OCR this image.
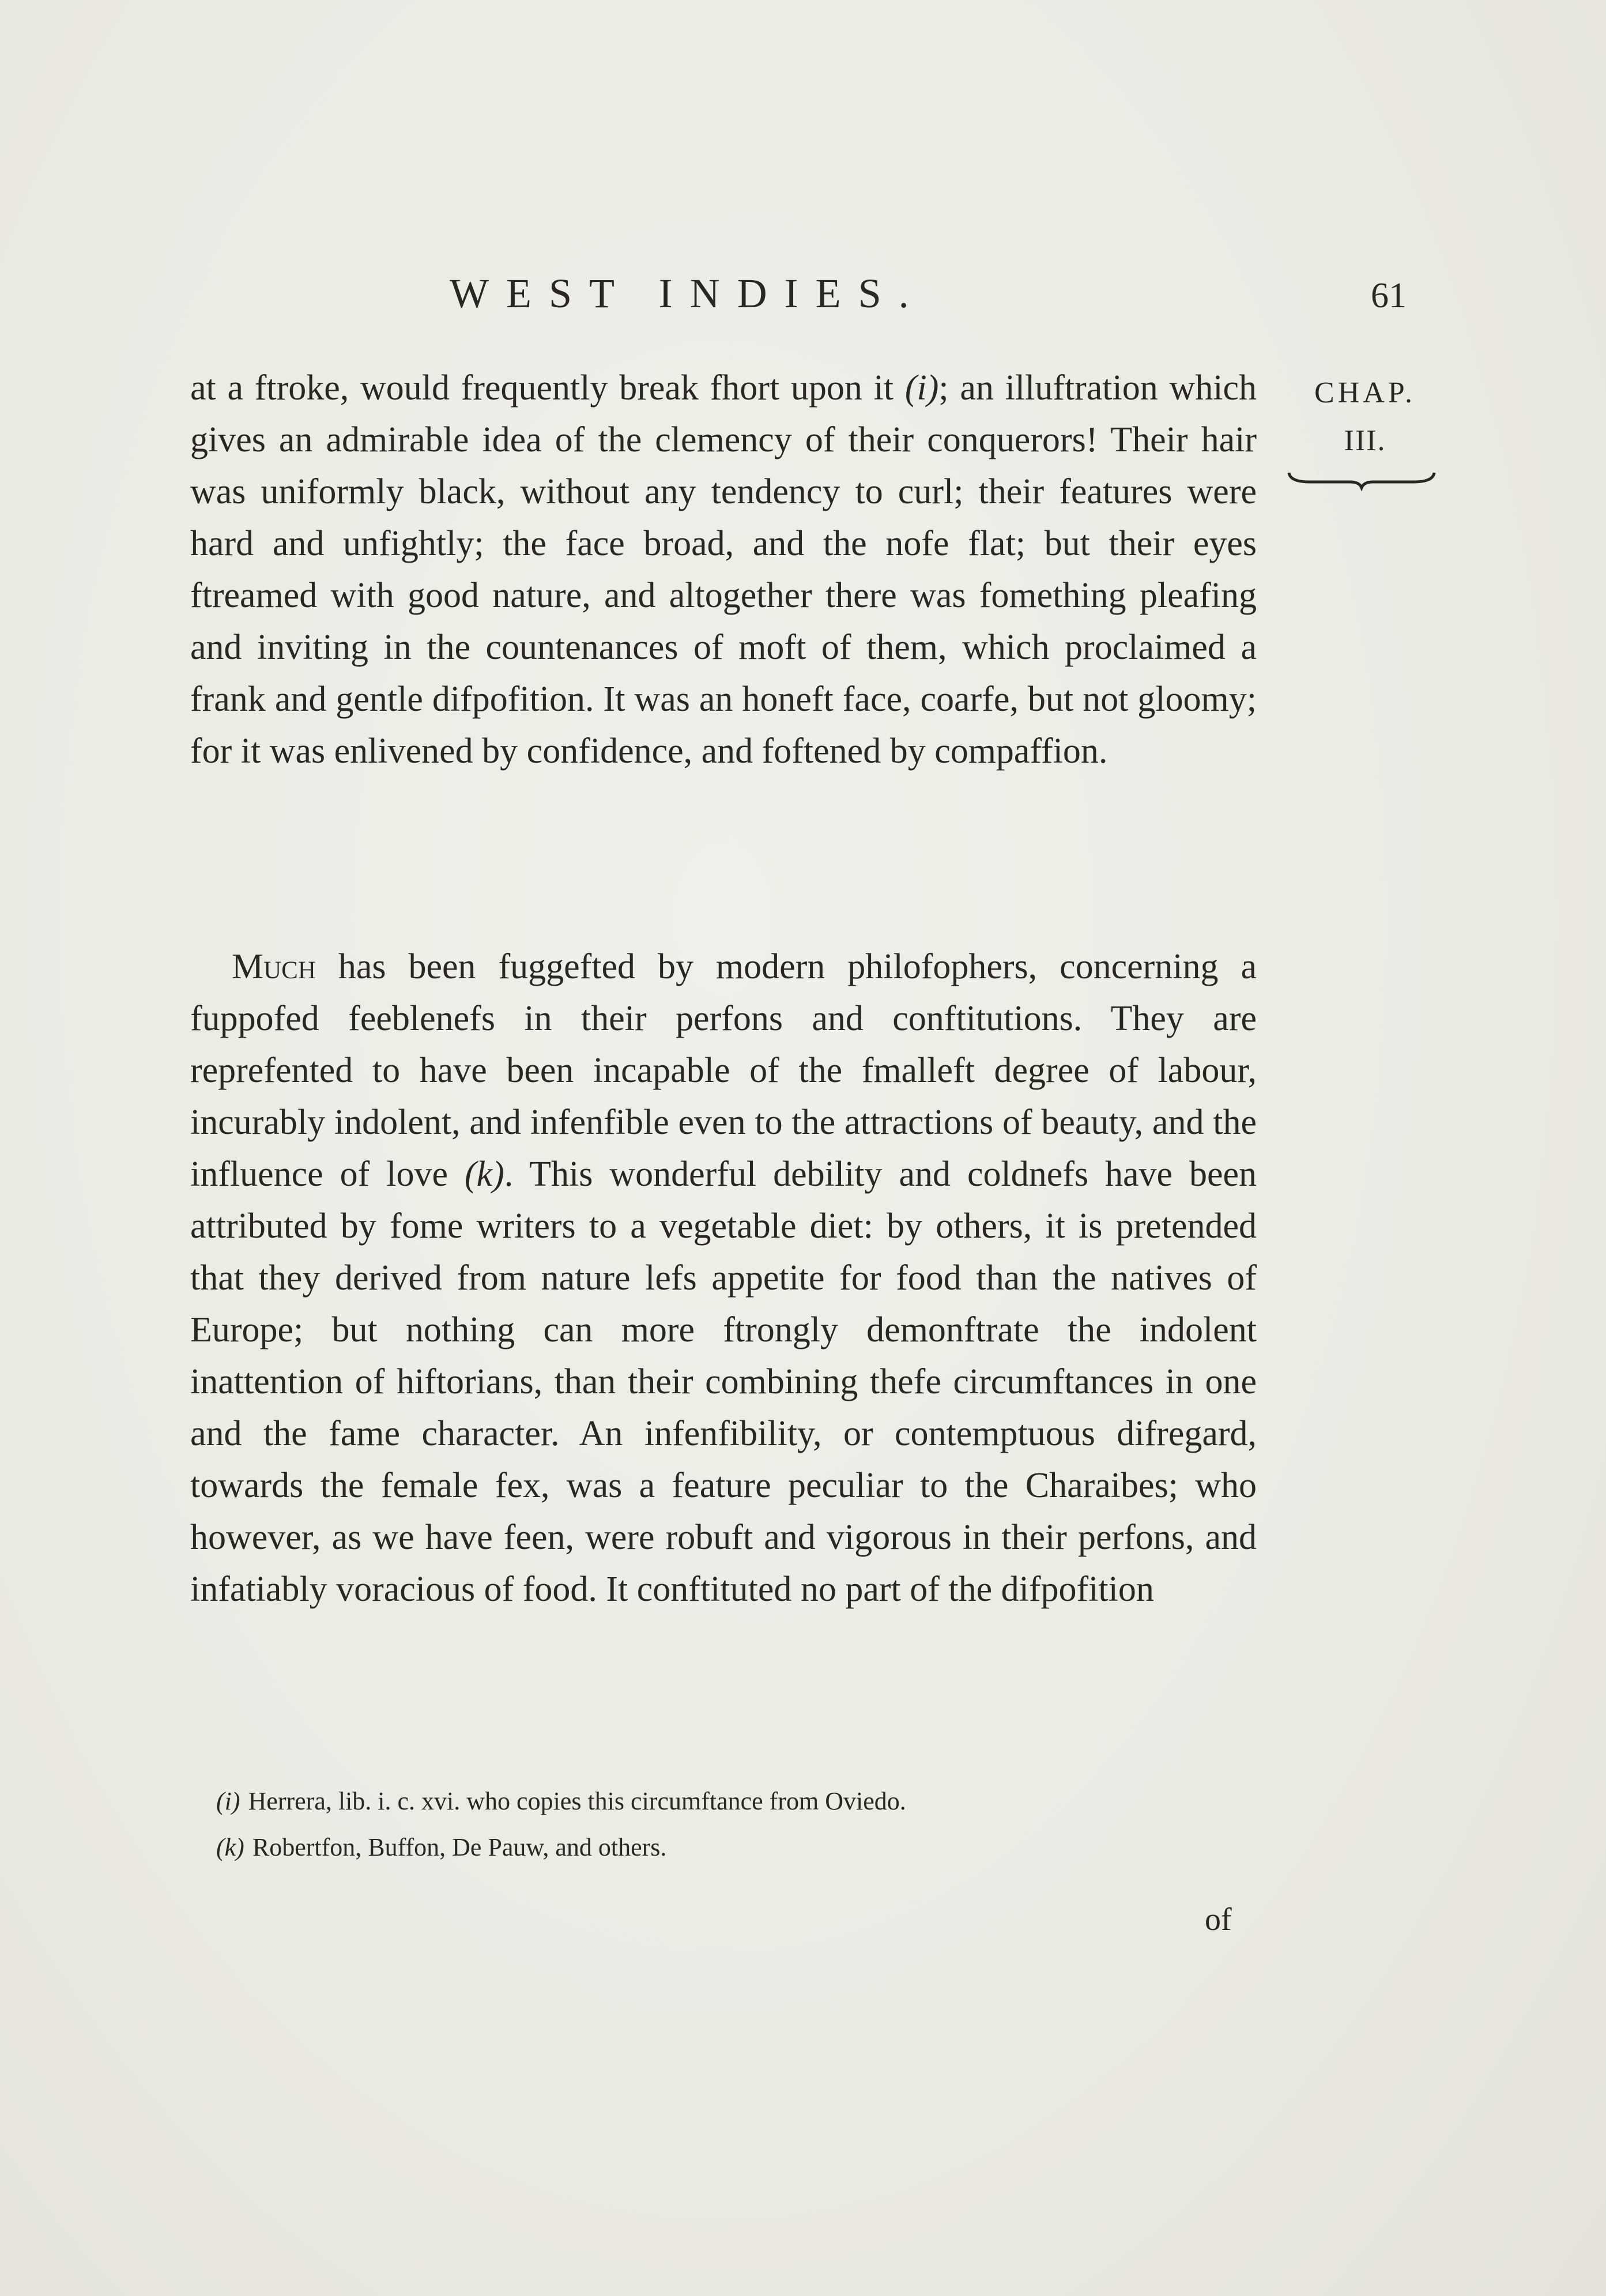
WEST INDIES.	61
CHAP.
III.

at a ftroke, would frequently break fhort upon it (i); an illuftration which gives an admirable idea of the clemency of their conquerors! Their hair was uniformly black, without any tendency to curl; their features were hard and unfightly; the face broad, and the nofe flat; but their eyes ftreamed with good nature, and altogether there was fomething pleafing and inviting in the countenances of moft of them, which proclaimed a frank and gentle difpofition. It was an honeft face, coarfe, but not gloomy; for it was enlivened by confidence, and foftened by compaffion.

Much has been fuggefted by modern philofophers, concerning a fuppofed feeblenefs in their perfons and conftitutions. They are reprefented to have been incapable of the fmalleft degree of labour, incurably indolent, and infenfible even to the attractions of beauty, and the influence of love (k). This wonderful debility and coldnefs have been attributed by fome writers to a vegetable diet: by others, it is pretended that they derived from nature lefs appetite for food than the natives of Europe; but nothing can more ftrongly demonftrate the indolent inattention of hiftorians, than their combining thefe circumftances in one and the fame character. An infenfibility, or contemptuous difregard, towards the female fex, was a feature peculiar to the Charaibes; who however, as we have feen, were robuft and vigorous in their perfons, and infatiably voracious of food. It conftituted no part of the difpofition

(i) Herrera, lib. i. c. xvi. who copies this circumftance from Oviedo.
(k) Robertfon, Buffon, De Pauw, and others.
of
